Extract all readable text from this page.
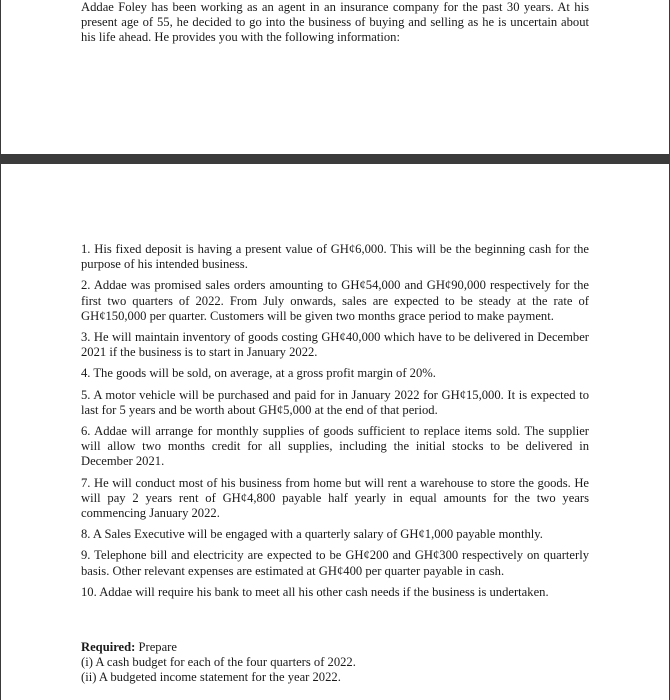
Addae Foley has been working as an agent in an insurance company for the past 30 years. At his present age of 55, he decided to go into the business of buying and selling as he is uncertain about his life ahead. He provides you with the following information:

1. His fixed deposit is having a present value of GH¢6,000. This will be the beginning cash for the purpose of his intended business.
2. Addae was promised sales orders amounting to GH¢54,000 and GH¢90,000 respectively for the first two quarters of 2022. From July onwards, sales are expected to be steady at the rate of GH¢150,000 per quarter. Customers will be given two months grace period to make payment.
3. He will maintain inventory of goods costing GH¢40,000 which have to be delivered in December 2021 if the business is to start in January 2022.
4. The goods will be sold, on average, at a gross profit margin of 20%.
5. A motor vehicle will be purchased and paid for in January 2022 for GH¢15,000. It is expected to last for 5 years and be worth about GH¢5,000 at the end of that period.
6. Addae will arrange for monthly supplies of goods sufficient to replace items sold. The supplier will allow two months credit for all supplies, including the initial stocks to be delivered in December 2021.
7. He will conduct most of his business from home but will rent a warehouse to store the goods. He will pay 2 years rent of GH¢4,800 payable half yearly in equal amounts for the two years commencing January 2022.
8. A Sales Executive will be engaged with a quarterly salary of GH¢1,000 payable monthly.
9. Telephone bill and electricity are expected to be GH¢200 and GH¢300 respectively on quarterly basis. Other relevant expenses are estimated at GH¢400 per quarter payable in cash.
10. Addae will require his bank to meet all his other cash needs if the business is undertaken.
Required: Prepare
(i) A cash budget for each of the four quarters of 2022.
(ii) A budgeted income statement for the year 2022.
